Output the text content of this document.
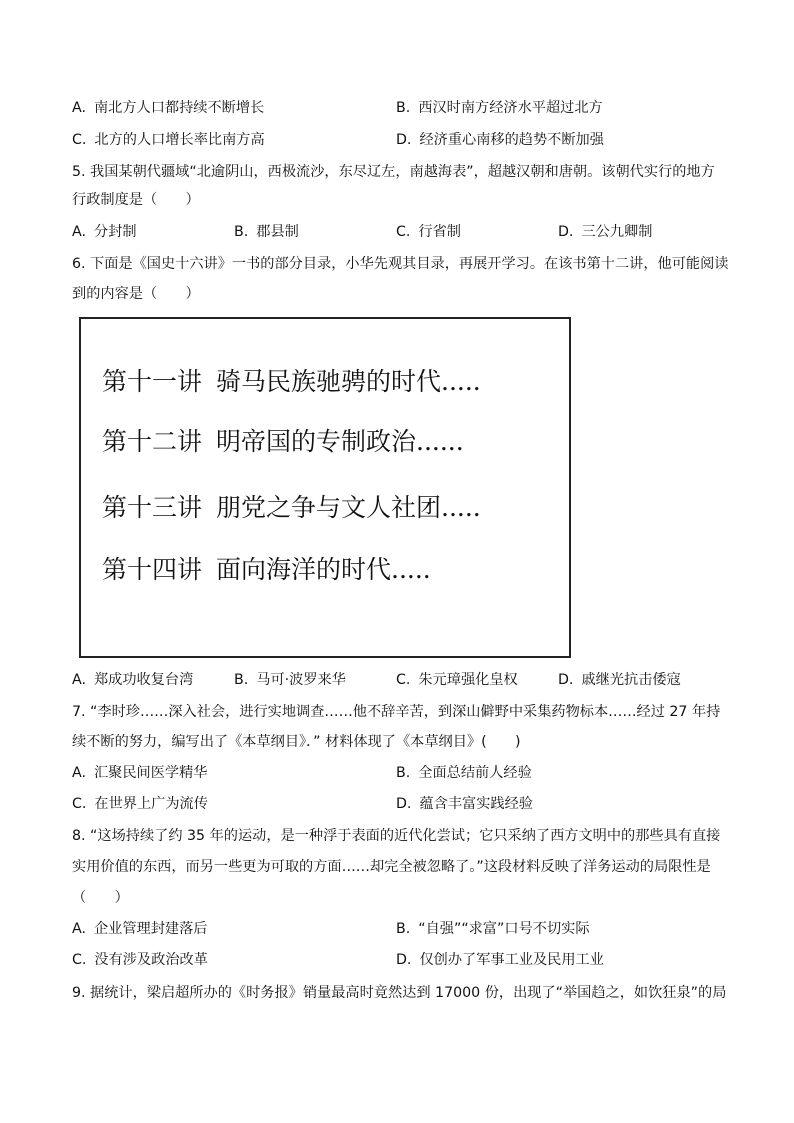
A. 南北方人口都持续不断增长	B. 西汉时南方经济水平超过北方
C. 北方的人口增长率比南方高	D. 经济重心南移的趋势不断加强
5. 我国某朝代疆域“北逾阴山，西极流沙，东尽辽左，南越海表”，超越汉朝和唐朝。该朝代实行的地方
行政制度是（　　）
A. 分封制	B. 郡县制	C. 行省制	D. 三公九卿制
6. 下面是《国史十六讲》一书的部分目录，小华先观其目录，再展开学习。在该书第十二讲，他可能阅读
到的内容是（　　）
第十一讲 骑马民族驰骋的时代.....
第十二讲 明帝国的专制政治......
第十三讲 朋党之争与文人社团.....
第十四讲 面向海洋的时代.....
A. 郑成功收复台湾	B. 马可·波罗来华	C. 朱元璋强化皇权	D. 戚继光抗击倭寇
7. “李时珍……深入社会，进行实地调查……他不辞辛苦，到深山僻野中采集药物标本……经过 27 年持
续不断的努力，编写出了《本草纲目》．” 材料体现了《本草纲目》(　　)
A. 汇聚民间医学精华	B. 全面总结前人经验
C. 在世界上广为流传	D. 蕴含丰富实践经验
8. “这场持续了约 35 年的运动，是一种浮于表面的近代化尝试；它只采纳了西方文明中的那些具有直接
实用价值的东西，而另一些更为可取的方面……却完全被忽略了。”这段材料反映了洋务运动的局限性是
（　　）
A. 企业管理封建落后	B. “自强”“求富”口号不切实际
C. 没有涉及政治改革	D. 仅创办了军事工业及民用工业
9. 据统计，梁启超所办的《时务报》销量最高时竟然达到 17000 份，出现了“举国趋之，如饮狂泉”的局
